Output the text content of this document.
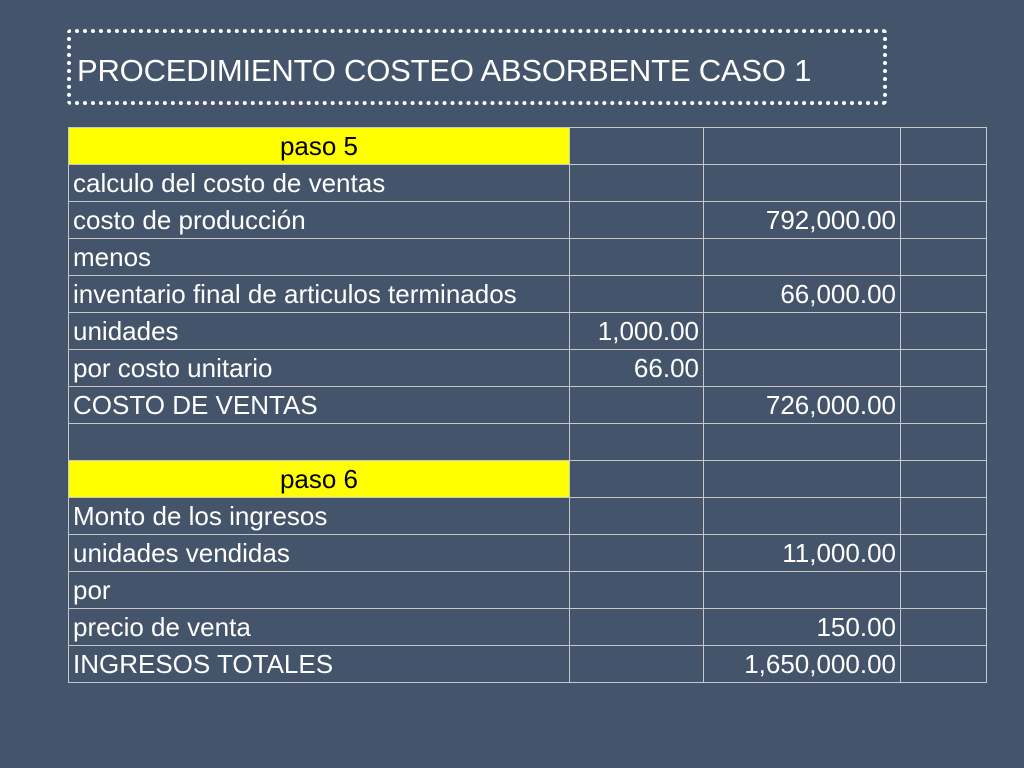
PROCEDIMIENTO COSTEO ABSORBENTE CASO 1
paso 5			
calculo del costo de ventas			
costo de producción		792,000.00	
menos			
inventario final de articulos terminados		66,000.00	
unidades	1,000.00		
por costo unitario	66.00		
COSTO DE VENTAS		726,000.00	

paso 6			
Monto de los ingresos			
unidades vendidas		11,000.00	
por			
precio de venta		150.00	
INGRESOS TOTALES		1,650,000.00	
